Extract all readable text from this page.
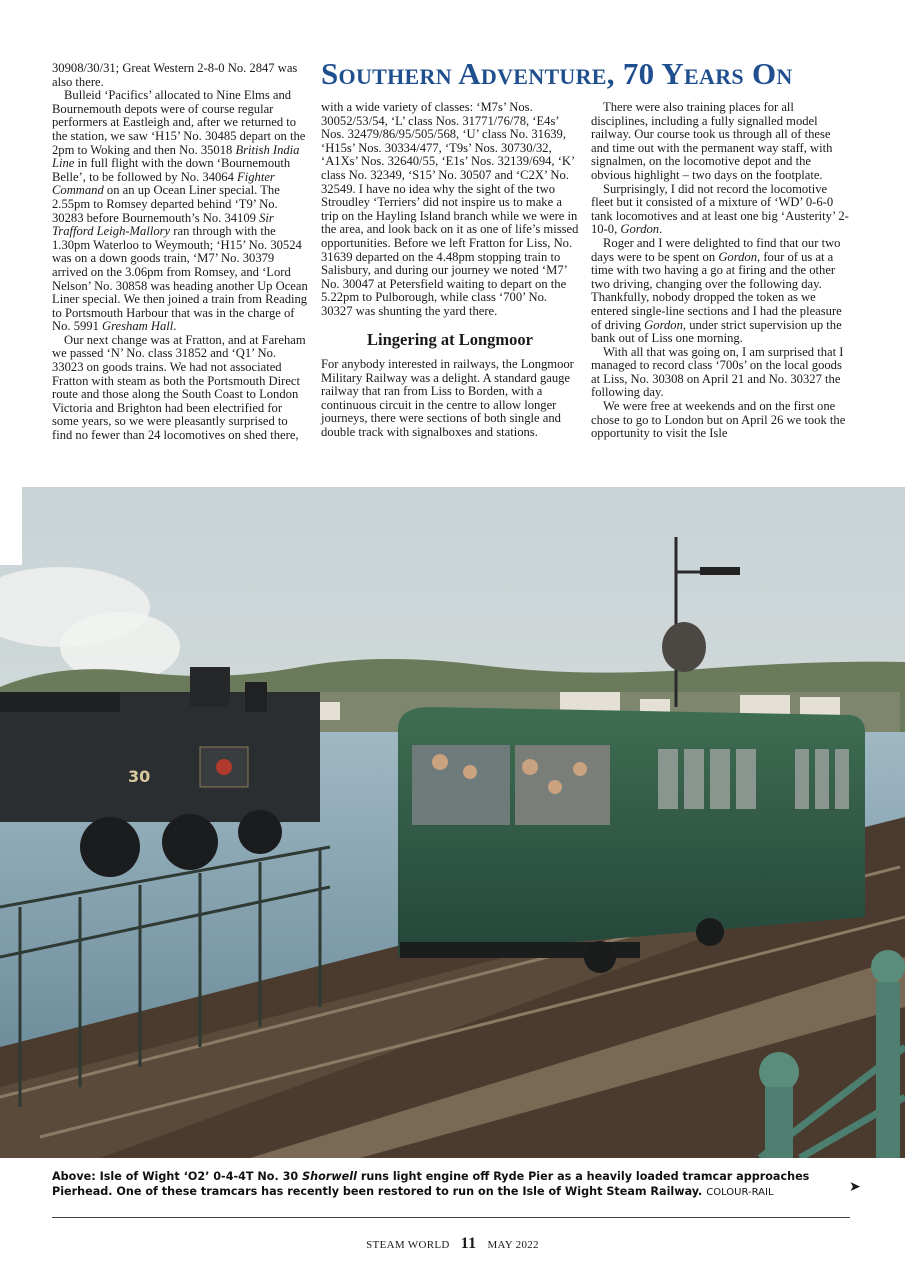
Southern Adventure, 70 Years On

30908/30/31; Great Western 2-8-0 No. 2847 was also there.

Bulleid ‘Pacifics’ allocated to Nine Elms and Bournemouth depots were of course regular performers at Eastleigh and, after we returned to the station, we saw ‘H15’ No. 30485 depart on the 2pm to Woking and then No. 35018 British India Line in full flight with the down ‘Bournemouth Belle’, to be followed by No. 34064 Fighter Command on an up Ocean Liner special. The 2.55pm to Romsey departed behind ‘T9’ No. 30283 before Bournemouth’s No. 34109 Sir Trafford Leigh-Mallory ran through with the 1.30pm Waterloo to Weymouth; ‘H15’ No. 30524 was on a down goods train, ‘M7’ No. 30379 arrived on the 3.06pm from Romsey, and ‘Lord Nelson’ No. 30858 was heading another Up Ocean Liner special. We then joined a train from Reading to Portsmouth Harbour that was in the charge of No. 5991 Gresham Hall.

Our next change was at Fratton, and at Fareham we passed ‘N’ No. class 31852 and ‘Q1’ No. 33023 on goods trains. We had not associated Fratton with steam as both the Portsmouth Direct route and those along the South Coast to London Victoria and Brighton had been electrified for some years, so we were pleasantly surprised to find no fewer than 24 locomotives on shed there,

with a wide variety of classes: ‘M7s’ Nos. 30052/53/54, ‘L’ class Nos. 31771/76/78, ‘E4s’ Nos. 32479/86/95/505/568, ‘U’ class No. 31639, ‘H15s’ Nos. 30334/477, ‘T9s’ Nos. 30730/32, ‘A1Xs’ Nos. 32640/55, ‘E1s’ Nos. 32139/694, ‘K’ class No. 32349, ‘S15’ No. 30507 and ‘C2X’ No. 32549. I have no idea why the sight of the two Stroudley ‘Terriers’ did not inspire us to make a trip on the Hayling Island branch while we were in the area, and look back on it as one of life’s missed opportunities. Before we left Fratton for Liss, No. 31639 departed on the 4.48pm stopping train to Salisbury, and during our journey we noted ‘M7’ No. 30047 at Petersfield waiting to depart on the 5.22pm to Pulborough, while class ‘700’ No. 30327 was shunting the yard there.

Lingering at Longmoor

For anybody interested in railways, the Longmoor Military Railway was a delight. A standard gauge railway that ran from Liss to Borden, with a continuous circuit in the centre to allow longer journeys, there were sections of both single and double track with signalboxes and stations.

There were also training places for all disciplines, including a fully signalled model railway. Our course took us through all of these and time out with the permanent way staff, with signalmen, on the locomotive depot and the obvious highlight – two days on the footplate.

Surprisingly, I did not record the locomotive fleet but it consisted of a mixture of ‘WD’ 0-6-0 tank locomotives and at least one big ‘Austerity’ 2-10-0, Gordon.

Roger and I were delighted to find that our two days were to be spent on Gordon, four of us at a time with two having a go at firing and the other two driving, changing over the following day. Thankfully, nobody dropped the token as we entered single-line sections and I had the pleasure of driving Gordon, under strict supervision up the bank out of Liss one morning.

With all that was going on, I am surprised that I managed to record class ‘700s’ on the local goods at Liss, No. 30308 on April 21 and No. 30327 the following day.

We were free at weekends and on the first one chose to go to London but on April 26 we took the opportunity to visit the Isle

30
Above: Isle of Wight ‘O2’ 0-4-4T No. 30 Shorwell runs light engine off Ryde Pier as a heavily loaded tramcar approaches Pierhead. One of these tramcars has recently been restored to run on the Isle of Wight Steam Railway. COLOUR-RAIL	➤
STEAM WORLD 11 MAY 2022
